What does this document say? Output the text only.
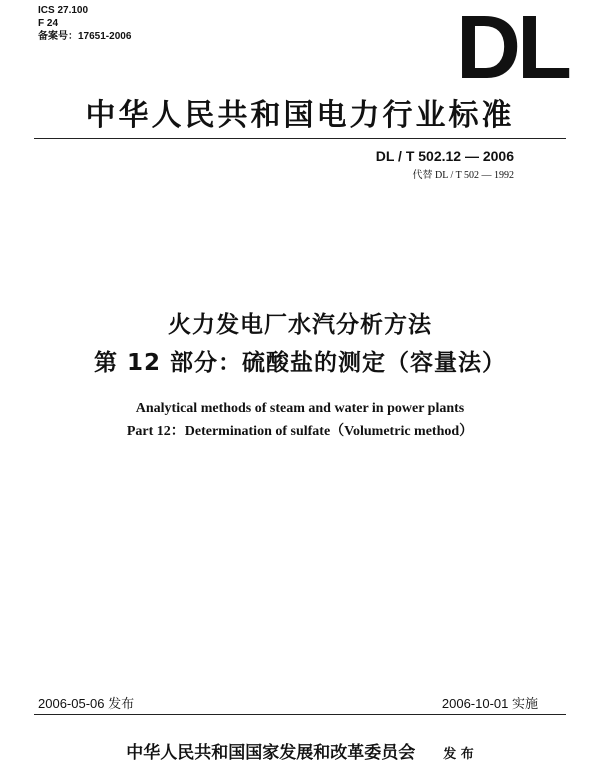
ICS 27.100
F 24
备案号：17651-2006	DL
中华人民共和国电力行业标准
DL / T 502.12 — 2006
代替 DL / T 502 — 1992
火力发电厂水汽分析方法
第 12 部分：硫酸盐的测定（容量法）
Analytical methods of steam and water in power plants
Part 12：Determination of sulfate（Volumetric method）
2006-05-06 发布	2006-10-01 实施
中华人民共和国国家发展和改革委员会 发 布
